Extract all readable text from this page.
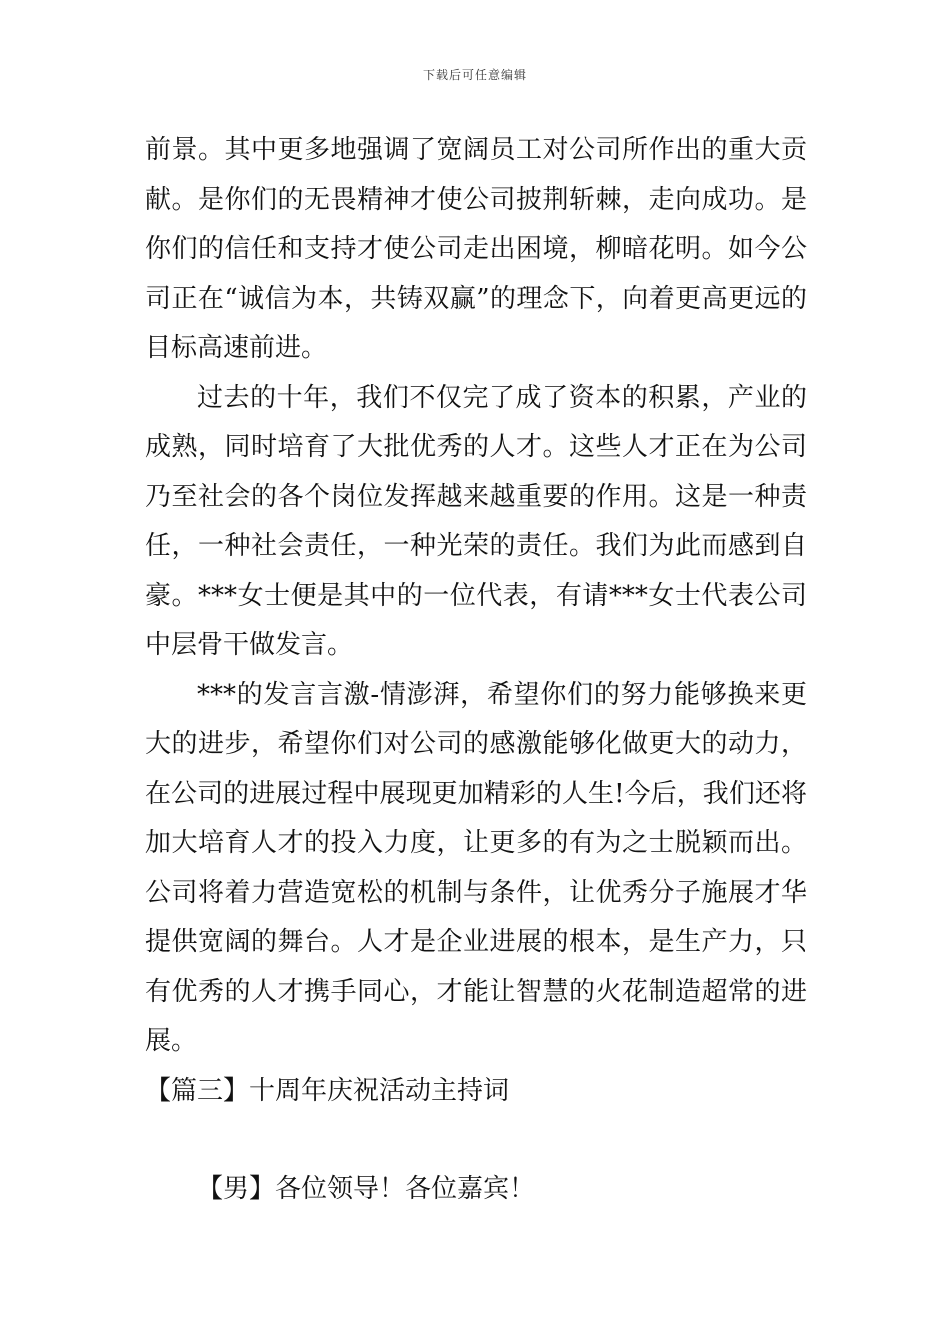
下载后可任意编辑

前景。其中更多地强调了宽阔员工对公司所作出的重大贡献。是你们的无畏精神才使公司披荆斩棘，走向成功。是你们的信任和支持才使公司走出困境，柳暗花明。如今公司正在“诚信为本，共铸双赢”的理念下，向着更高更远的目标高速前进。

过去的十年，我们不仅完了成了资本的积累，产业的成熟，同时培育了大批优秀的人才。这些人才正在为公司乃至社会的各个岗位发挥越来越重要的作用。这是一种责任，一种社会责任，一种光荣的责任。我们为此而感到自豪。***女士便是其中的一位代表，有请***女士代表公司中层骨干做发言。

***的发言言激-情澎湃，希望你们的努力能够换来更大的进步，希望你们对公司的感激能够化做更大的动力，在公司的进展过程中展现更加精彩的人生!今后，我们还将加大培育人才的投入力度，让更多的有为之士脱颖而出。公司将着力营造宽松的机制与条件，让优秀分子施展才华提供宽阔的舞台。人才是企业进展的根本，是生产力，只有优秀的人才携手同心，才能让智慧的火花制造超常的进展。

【篇三】十周年庆祝活动主持词

【男】各位领导！各位嘉宾！
